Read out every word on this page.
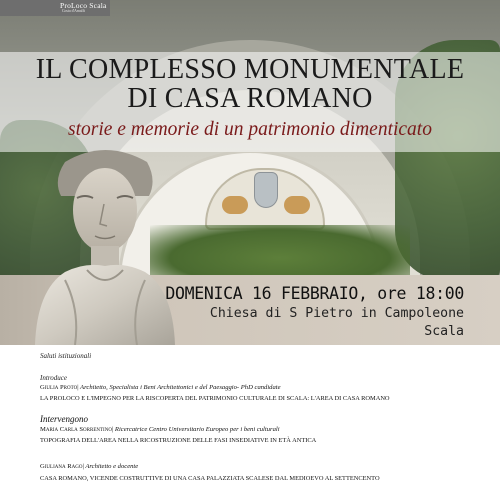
ProLoco Scala
Costa d'Amalfi
IL COMPLESSO MONUMENTALE
DI CASA ROMANO
storie e memorie di un patrimonio dimenticato
DOMENICA 16 FEBBRAIO, ore 18:00
Chiesa di S Pietro in Campoleone
Scala
Saluti istituzionali
Introduce
Giulia Proto| Architetto, Specialista i Beni Architettonici e del Paesaggio- PhD candidate
LA PROLOCO E L'IMPEGNO PER LA RISCOPERTA DEL PATRIMONIO CULTURALE DI SCALA: L'AREA DI CASA ROMANO
Intervengono
Maria Carla Sorrentino| Ricercatrice Centro Universitario Europeo per i beni culturali
TOPOGRAFIA DELL'AREA NELLA RICOSTRUZIONE DELLE FASI INSEDIATIVE IN ETÀ ANTICA
Giuliana Rago| Architetto e docente
CASA ROMANO, VICENDE COSTRUTTIVE DI UNA CASA PALAZZIATA SCALESE DAL MEDIOEVO AL SETTENCENTO
